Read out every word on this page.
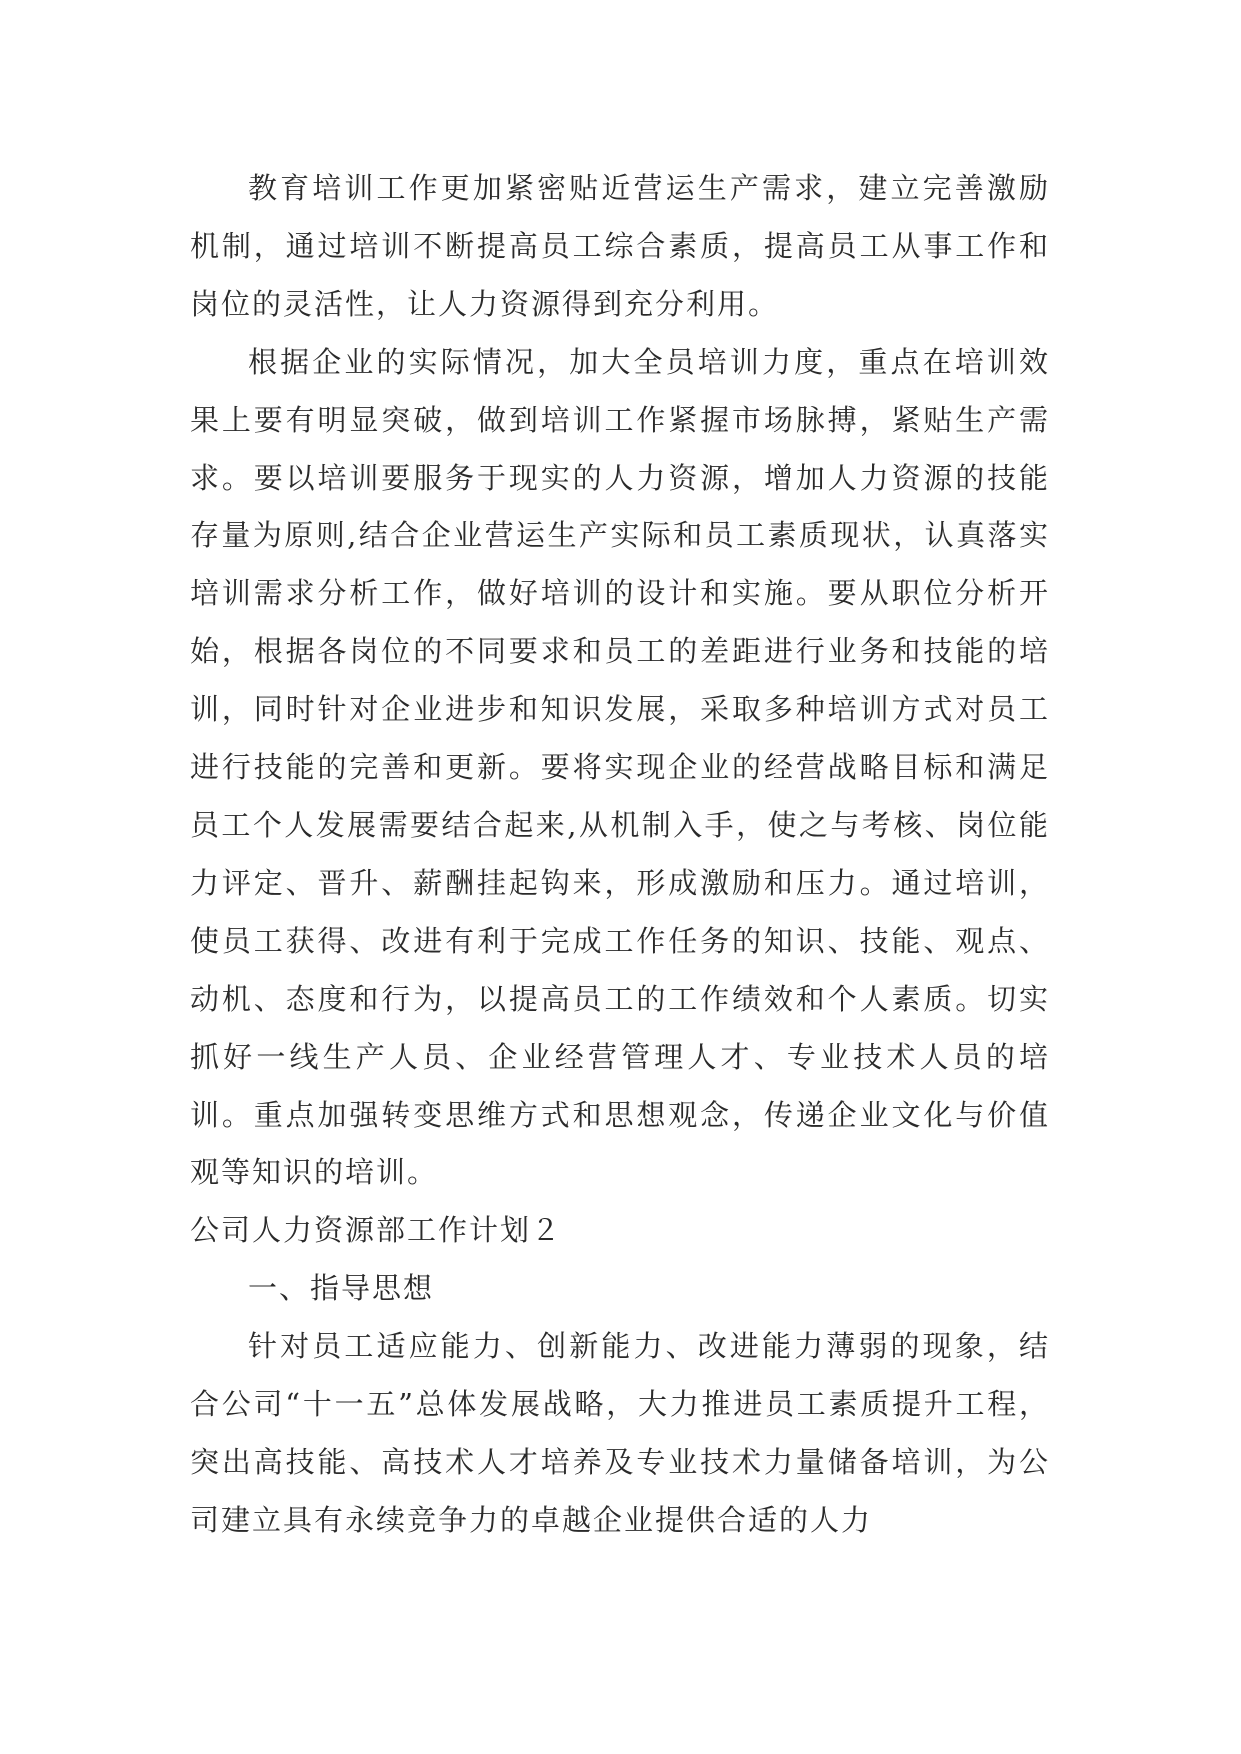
教育培训工作更加紧密贴近营运生产需求，建立完善激励机制，通过培训不断提高员工综合素质，提高员工从事工作和岗位的灵活性，让人力资源得到充分利用。

根据企业的实际情况，加大全员培训力度，重点在培训效果上要有明显突破，做到培训工作紧握市场脉搏，紧贴生产需求。要以培训要服务于现实的人力资源，增加人力资源的技能存量为原则,结合企业营运生产实际和员工素质现状，认真落实培训需求分析工作，做好培训的设计和实施。要从职位分析开始，根据各岗位的不同要求和员工的差距进行业务和技能的培训，同时针对企业进步和知识发展，采取多种培训方式对员工进行技能的完善和更新。要将实现企业的经营战略目标和满足员工个人发展需要结合起来,从机制入手，使之与考核、岗位能力评定、晋升、薪酬挂起钩来，形成激励和压力。通过培训，使员工获得、改进有利于完成工作任务的知识、技能、观点、动机、态度和行为，以提高员工的工作绩效和个人素质。切实抓好一线生产人员、企业经营管理人才、专业技术人员的培训。重点加强转变思维方式和思想观念，传递企业文化与价值观等知识的培训。

公司人力资源部工作计划２

一、指导思想

针对员工适应能力、创新能力、改进能力薄弱的现象，结合公司“十一五”总体发展战略，大力推进员工素质提升工程，突出高技能、高技术人才培养及专业技术力量储备培训，为公司建立具有永续竞争力的卓越企业提供合适的人力
